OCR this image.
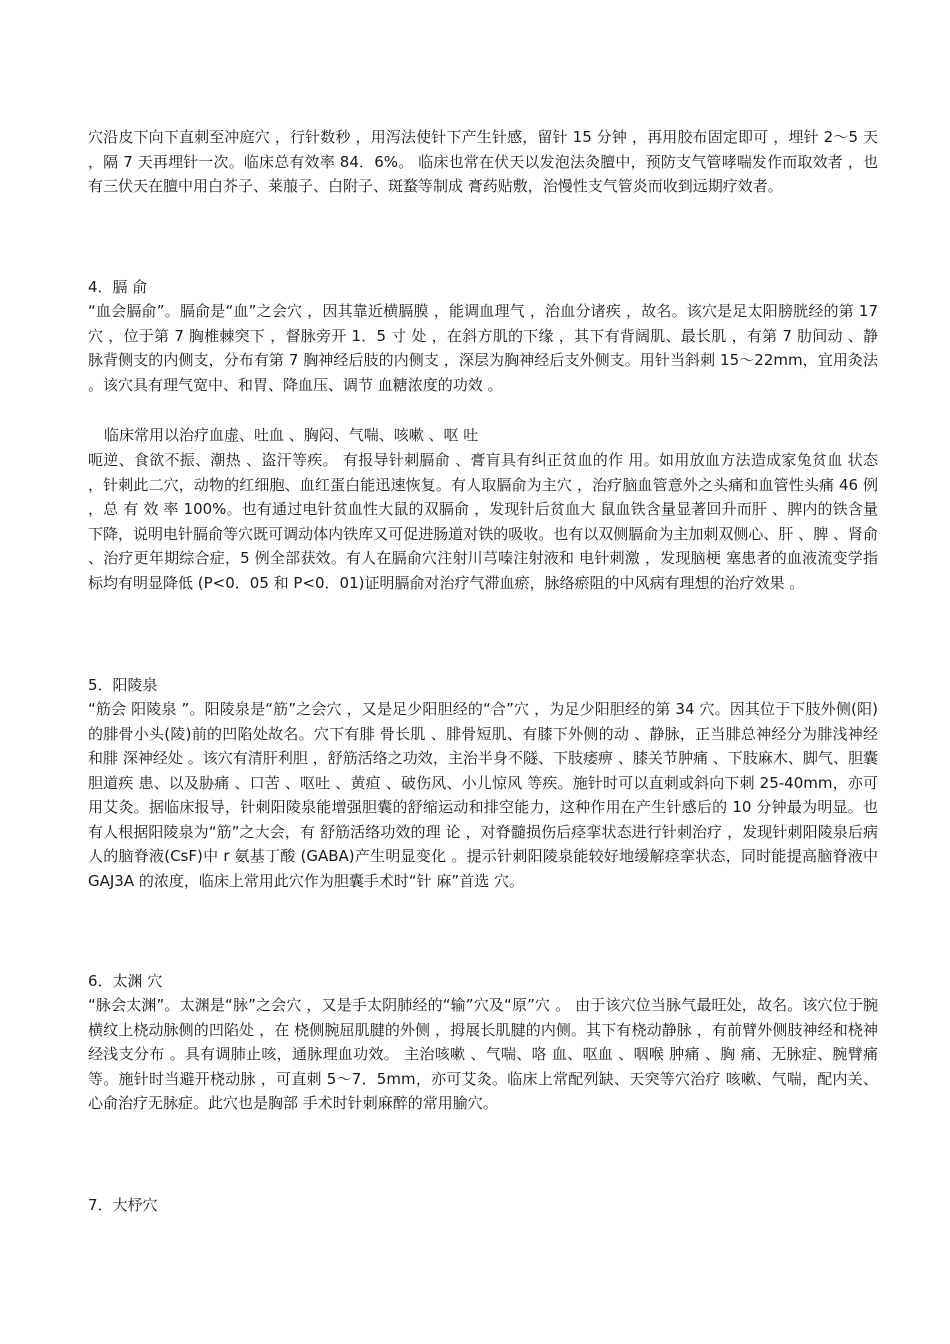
穴沿皮下向下直刺至冲庭穴 ，行针数秒 ，用泻法使针下产生针感，留针 15 分钟 ，再用胶布固定即可 ，埋针 2～5 天 ，隔 7 天再埋针一次。临床总有效率 84．6%。 临床也常在伏天以发泡法灸膻中，预防支气管哮喘发作而取效者 ，也有三伏天在膻中用白芥子、莱菔子、白附子、斑蝥等制成 膏药贴敷，治慢性支气管炎而收到远期疗效者。
4．膈 俞
“血会膈俞”。膈俞是“血”之会穴 ，因其靠近横膈膜 ，能调血理气 ，治血分诸疾 ，故名。该穴是足太阳膀胱经的第 17 穴 ，位于第 7 胸椎棘突下 ，督脉旁开 1．5 寸 处 ，在斜方肌的下缘 ，其下有背阔肌、最长肌 ，有第 7 肋间动 、静脉背侧支的内侧支，分布有第 7 胸神经后肢的内侧支 ，深层为胸神经后支外侧支。用针当斜刺 15～22mm，宜用灸法 。该穴具有理气宽中、和胃、降血压、调节 血糖浓度的功效 。
临床常用以治疗血虚、吐血 、胸闷、气喘、咳嗽 、呕 吐
呃逆、食欲不振、潮热 、盗汗等疾。 有报导针刺膈俞 、膏肓具有纠正贫血的作 用。如用放血方法造成家兔贫血 状态 ，针刺此二穴，动物的红细胞、血红蛋白能迅速恢复。有人取膈俞为主穴 ，治疗脑血管意外之头痛和血管性头痛 46 例 ，总 有 效 率 100%。也有通过电针贫血性大鼠的双膈俞 ，发现针后贫血大 鼠血铁含量显著回升而肝 、脾内的铁含量下降，说明电针膈俞等穴既可调动体内铁库又可促进肠道对铁的吸收。也有以双侧膈俞为主加刺双侧心、肝 、脾 、肾俞 、治疗更年期综合症，5 例全部获效。有人在膈俞穴注射川芎嗪注射液和 电针刺激 ，发现脑梗 塞患者的血液流变学指标均有明显降低 (P<0．05 和 P<0．01)证明膈俞对治疗气滞血瘀，脉络瘀阻的中风病有理想的治疗效果 。
5．阳陵泉
“筋会 阳陵泉 ”。阳陵泉是“筋”之会穴 ，又是足少阳胆经的“合”穴 ，为足少阳胆经的第 34 穴。因其位于下肢外侧(阳)的腓骨小头(陵)前的凹陷处故名。穴下有腓 骨长肌 、腓骨短肌、有膝下外侧的动 、静脉，正当腓总神经分为腓浅神经和腓 深神经处 。该穴有清肝利胆 ，舒筋活络之功效，主治半身不隧、下肢痿痹 、膝关节肿痛 、下肢麻木、脚气、胆囊胆道疾 患、以及胁痛 、口苦 、呕吐 、黄疸 、破伤风、小儿惊风 等疾。施针时可以直刺或斜向下刺 25-40mm，亦可用艾灸。据临床报导，针刺阳陵泉能增强胆囊的舒缩运动和排空能力，这种作用在产生针感后的 10 分钟最为明显。也有人根据阳陵泉为“筋”之大会，有 舒筋活络功效的理 论 ，对脊髓损伤后痉挛状态进行针刺治疗 ，发现针刺阳陵泉后病人的脑脊液(CsF)中 r 氨基丁酸 (GABA)产生明显变化 。提示针刺阳陵泉能较好地缓解痉挛状态，同时能提高脑脊液中 GAJ3A 的浓度，临床上常用此穴作为胆囊手术时“针 麻”首选 穴。
6．太渊 穴
“脉会太渊”。太渊是“脉”之会穴 ，又是手太阴肺经的“输”穴及“原”穴 。 由于该穴位当脉气最旺处，故名。该穴位于腕横纹上桡动脉侧的凹陷处 ，在 桡侧腕屈肌腱的外侧 ，拇展长肌腱的内侧。其下有桡动静脉 ，有前臂外侧肢神经和桡神经浅支分布 。具有调肺止咳，通脉理血功效。 主治咳嗽 、气喘、咯 血、呕血 、咽喉 肿痛 、胸 痛、无脉症、腕臂痛等。施针时当避开桡动脉 ，可直刺 5～7．5mm，亦可艾灸。临床上常配列缺、天突等穴治疗 咳嗽、气喘，配内关、心俞治疗无脉症。此穴也是胸部 手术时针刺麻醉的常用腧穴。
7．大杼穴
